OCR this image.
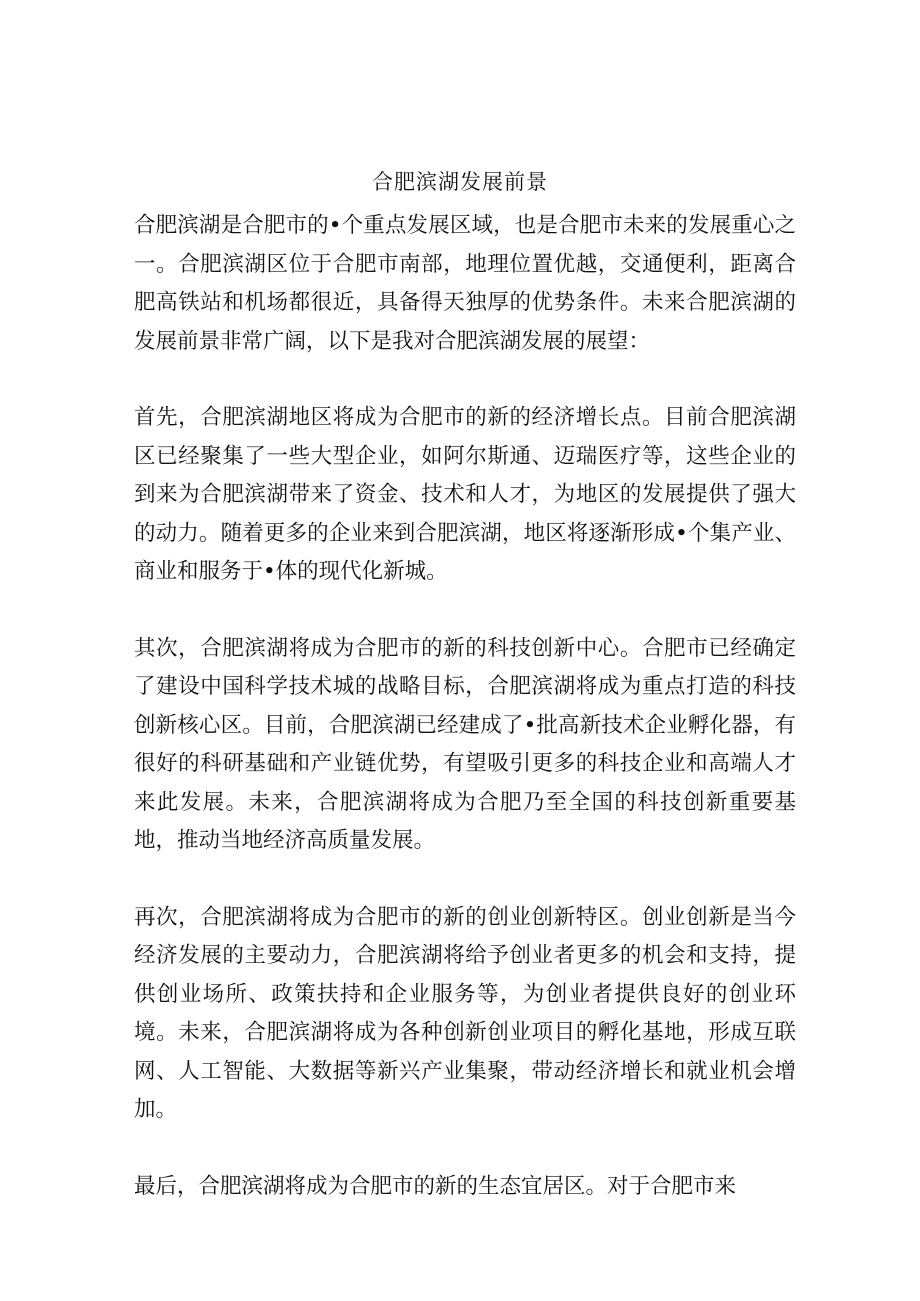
合肥滨湖发展前景

合肥滨湖是合肥市的•个重点发展区域，也是合肥市未来的发展重心之一。合肥滨湖区位于合肥市南部，地理位置优越，交通便利，距离合肥高铁站和机场都很近，具备得天独厚的优势条件。未来合肥滨湖的发展前景非常广阔，以下是我对合肥滨湖发展的展望：

首先，合肥滨湖地区将成为合肥市的新的经济增长点。目前合肥滨湖区已经聚集了一些大型企业，如阿尔斯通、迈瑞医疗等，这些企业的到来为合肥滨湖带来了资金、技术和人才，为地区的发展提供了强大的动力。随着更多的企业来到合肥滨湖，地区将逐渐形成•个集产业、商业和服务于•体的现代化新城。

其次，合肥滨湖将成为合肥市的新的科技创新中心。合肥市已经确定了建设中国科学技术城的战略目标，合肥滨湖将成为重点打造的科技创新核心区。目前，合肥滨湖已经建成了•批高新技术企业孵化器，有很好的科研基础和产业链优势，有望吸引更多的科技企业和高端人才来此发展。未来，合肥滨湖将成为合肥乃至全国的科技创新重要基地，推动当地经济高质量发展。

再次，合肥滨湖将成为合肥市的新的创业创新特区。创业创新是当今经济发展的主要动力，合肥滨湖将给予创业者更多的机会和支持，提供创业场所、政策扶持和企业服务等，为创业者提供良好的创业环境。未来，合肥滨湖将成为各种创新创业项目的孵化基地，形成互联网、人工智能、大数据等新兴产业集聚，带动经济增长和就业机会增加。

最后，合肥滨湖将成为合肥市的新的生态宜居区。对于合肥市来
